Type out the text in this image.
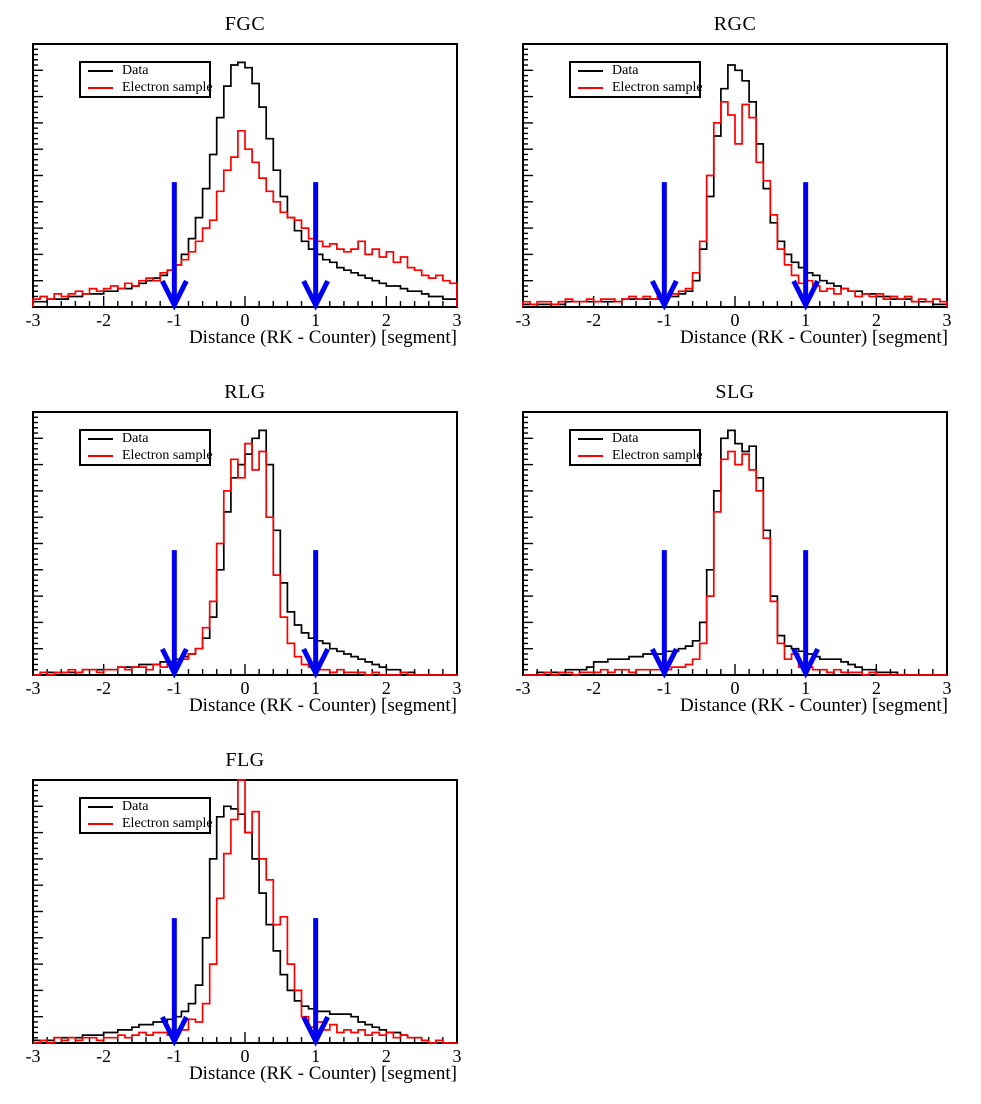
-3	-2	-1	0	1	2	3
FGC
Data
Electron sample
Distance (RK - Counter) [segment]
-3	-2	-1	0	1	2	3
RGC
Data
Electron sample
Distance (RK - Counter) [segment]
-3	-2	-1	0	1	2	3
RLG
Data
Electron sample
Distance (RK - Counter) [segment]
-3	-2	-1	0	1	2	3
SLG
Data
Electron sample
Distance (RK - Counter) [segment]
-3	-2	-1	0	1	2	3
FLG
Data
Electron sample
Distance (RK - Counter) [segment]
